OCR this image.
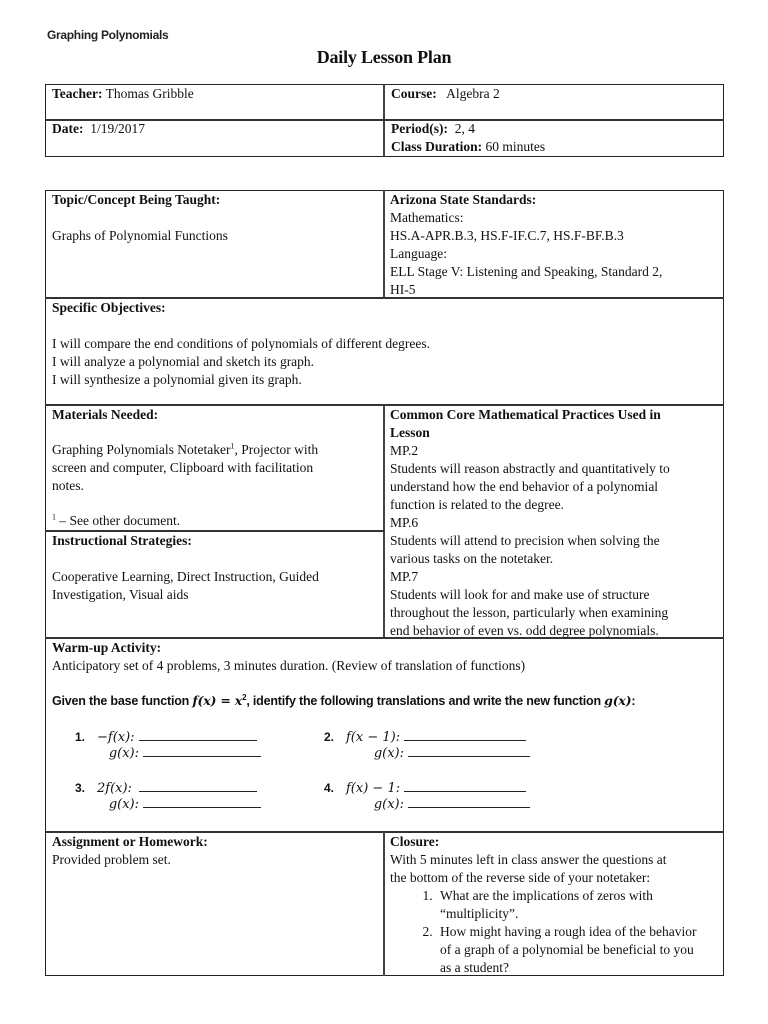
Graphing Polynomials
Daily Lesson Plan
Teacher: Thomas Gribble	Course: Algebra 2
Date: 1/19/2017	Period(s): 2, 4
Class Duration: 60 minutes
Topic/Concept Being Taught:
Graphs of Polynomial Functions
Arizona State Standards:
Mathematics:
HS.A-APR.B.3, HS.F-IF.C.7, HS.F-BF.B.3
Language:
ELL Stage V: Listening and Speaking, Standard 2,
HI-5
Specific Objectives:
I will compare the end conditions of polynomials of different degrees.
I will analyze a polynomial and sketch its graph.
I will synthesize a polynomial given its graph.
Materials Needed:
Graphing Polynomials Notetaker$^1$, Projector with
screen and computer, Clipboard with facilitation
notes.
$^1$ – See other document.
Instructional Strategies:
Cooperative Learning, Direct Instruction, Guided
Investigation, Visual aids
Common Core Mathematical Practices Used in
Lesson
MP.2
Students will reason abstractly and quantitatively to
understand how the end behavior of a polynomial
function is related to the degree.
MP.6
Students will attend to precision when solving the
various tasks on the notetaker.
MP.7
Students will look for and make use of structure
throughout the lesson, particularly when examining
end behavior of even vs. odd degree polynomials.
Warm-up Activity:
Anticipatory set of 4 problems, 3 minutes duration. (Review of translation of functions)
Given the base function $f(x) = x^2$, identify the following translations and write the new function g(x):
1. −f(x):
g(x):
2. f(x − 1):
g(x):
3. 2f(x):
g(x):
4. f(x) − 1:
g(x):
Assignment or Homework:
Provided problem set.
Closure:
With 5 minutes left in class answer the questions at
the bottom of the reverse side of your notetaker:
1. What are the implications of zeros with “multiplicity”.
2. How might having a rough idea of the behavior of a graph of a polynomial be beneficial to you as a student?
